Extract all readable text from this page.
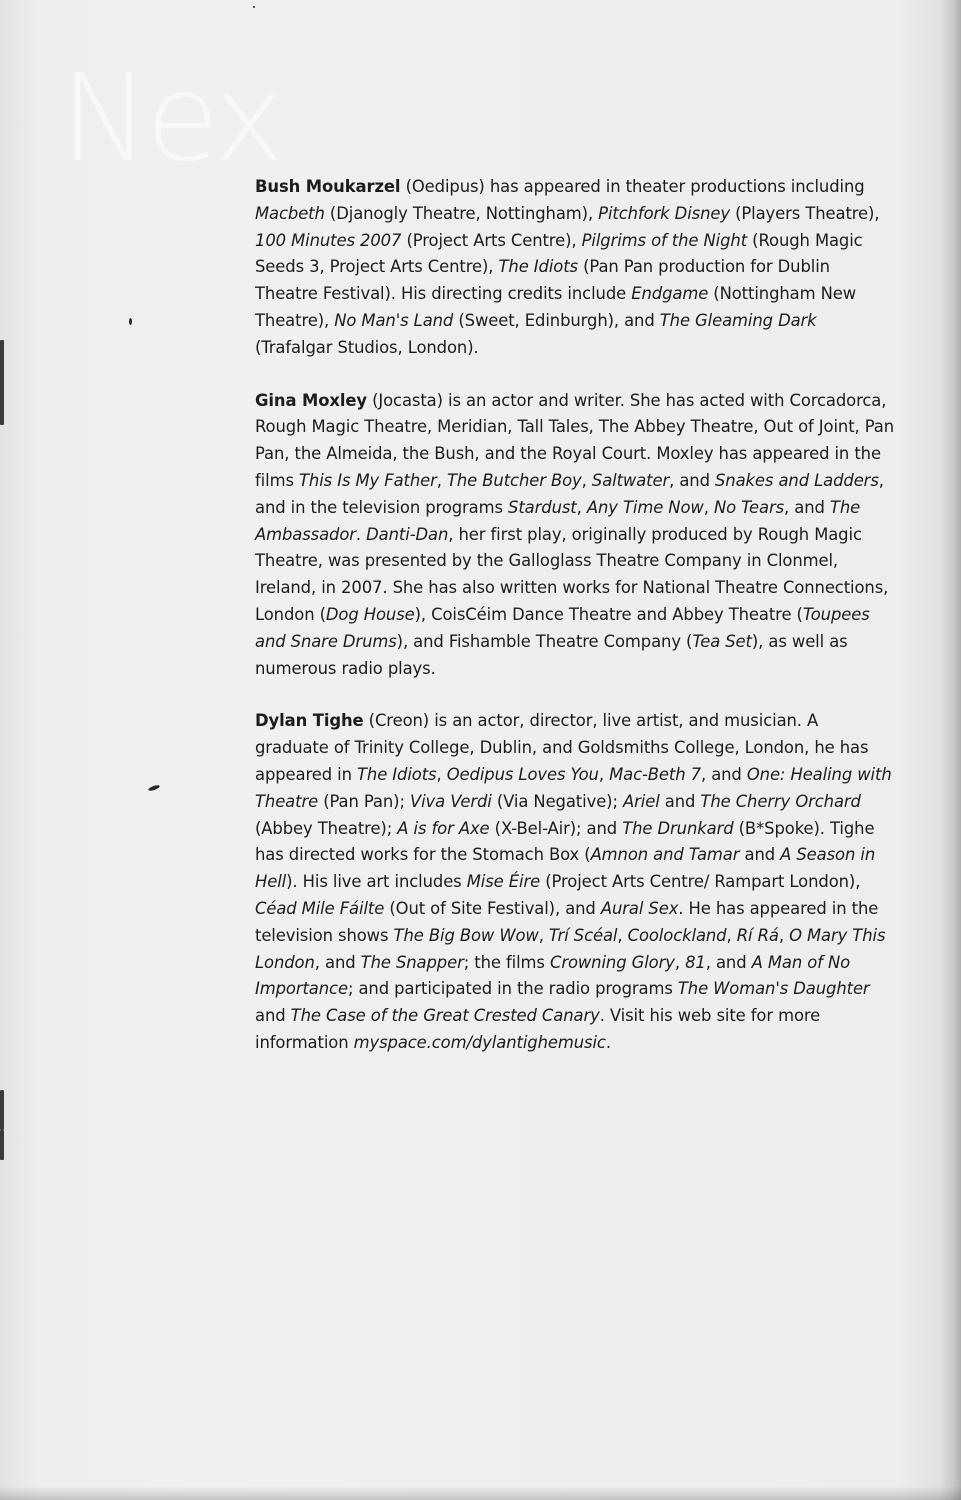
Nex

Bush Moukarzel (Oedipus) has appeared in theater productions including Macbeth (Djanogly Theatre, Nottingham), Pitchfork Disney (Players Theatre), 100 Minutes 2007 (Project Arts Centre), Pilgrims of the Night (Rough Magic Seeds 3, Project Arts Centre), The Idiots (Pan Pan production for Dublin Theatre Festival). His directing credits include Endgame (Nottingham New Theatre), No Man's Land (Sweet, Edinburgh), and The Gleaming Dark (Trafalgar Studios, London).

Gina Moxley (Jocasta) is an actor and writer. She has acted with Corcadorca, Rough Magic Theatre, Meridian, Tall Tales, The Abbey Theatre, Out of Joint, Pan Pan, the Almeida, the Bush, and the Royal Court. Moxley has appeared in the films This Is My Father, The Butcher Boy, Saltwater, and Snakes and Ladders, and in the television programs Stardust, Any Time Now, No Tears, and The Ambassador. Danti-Dan, her first play, originally produced by Rough Magic Theatre, was presented by the Galloglass Theatre Company in Clonmel, Ireland, in 2007. She has also written works for National Theatre Connections, London (Dog House), CoisCéim Dance Theatre and Abbey Theatre (Toupees and Snare Drums), and Fishamble Theatre Company (Tea Set), as well as numerous radio plays.

Dylan Tighe (Creon) is an actor, director, live artist, and musician. A graduate of Trinity College, Dublin, and Goldsmiths College, London, he has appeared in The Idiots, Oedipus Loves You, Mac-Beth 7, and One: Healing with Theatre (Pan Pan); Viva Verdi (Via Negative); Ariel and The Cherry Orchard (Abbey Theatre); A is for Axe (X-Bel-Air); and The Drunkard (B*Spoke). Tighe has directed works for the Stomach Box (Amnon and Tamar and A Season in Hell). His live art includes Mise Éire (Project Arts Centre/ Rampart London), Céad Mile Fáilte (Out of Site Festival), and Aural Sex. He has appeared in the television shows The Big Bow Wow, Trí Scéal, Coolockland, Rí Rá, O Mary This London, and The Snapper; the films Crowning Glory, 81, and A Man of No Importance; and participated in the radio programs The Woman's Daughter and The Case of the Great Crested Canary. Visit his web site for more information myspace.com/dylantighemusic.
